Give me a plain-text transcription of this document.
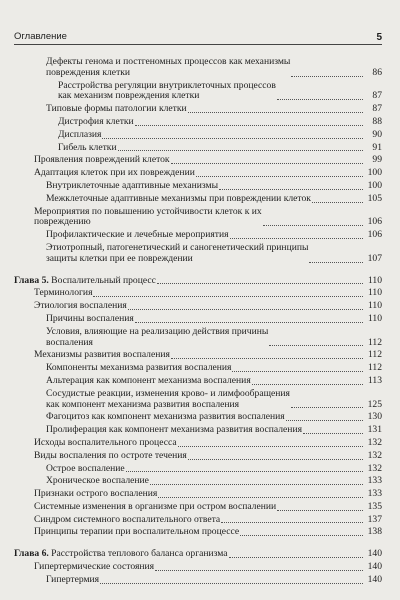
Оглавление	5
Дефекты генома и постгеномных процессов как механизмы
повреждения клетки	86
Расстройства регуляции внутриклеточных процессов
как механизм повреждения клетки	87
Типовые формы патологии клетки	87
Дистрофия клетки	88
Дисплазия	90
Гибель клетки	91
Проявления повреждений клеток	99
Адаптация клеток при их повреждении	100
Внутриклеточные адаптивные механизмы	100
Межклеточные адаптивные механизмы при повреждении клеток	105
Мероприятия по повышению устойчивости клеток к их
повреждению	106
Профилактические и лечебные мероприятия	106
Этиотропный, патогенетический и саногенетический принципы
защиты клетки при ее повреждении	107
Глава 5. Воспалительный процесс	110
Терминология	110
Этиология воспаления	110
Причины воспаления	110
Условия, влияющие на реализацию действия причины
воспаления	112
Механизмы развития воспаления	112
Компоненты механизма развития воспаления	112
Альтерация как компонент механизма воспаления	113
Сосудистые реакции, изменения крово- и лимфообращения
как компонент механизма развития воспаления	125
Фагоцитоз как компонент механизма развития воспаления	130
Пролиферация как компонент механизма развития воспаления	131
Исходы воспалительного процесса	132
Виды воспаления по остроте течения	132
Острое воспаление	132
Хроническое воспаление	133
Признаки острого воспаления	133
Системные изменения в организме при остром воспалении	135
Синдром системного воспалительного ответа	137
Принципы терапии при воспалительном процессе	138
Глава 6. Расстройства теплового баланса организма	140
Гипертермические состояния	140
Гипертермия	140
